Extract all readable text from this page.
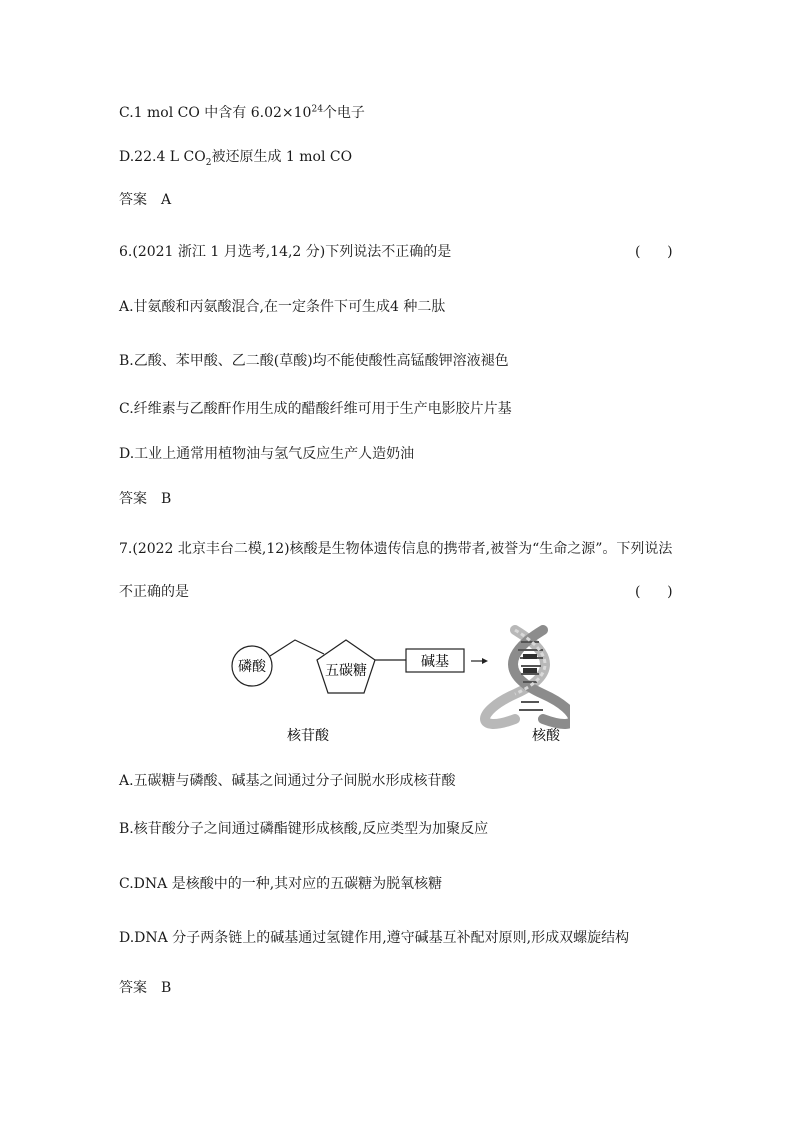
C.1 mol CO 中含有 $6.02\times 10^{24}$个电子
D.22.4 L $CO_2$被还原生成 1 mol CO
答案 A
6.(2021 浙江 1 月选考,14,2 分)下列说法不正确的是	(      )
A.甘氨酸和丙氨酸混合,在一定条件下可生成4 种二肽
B.乙酸、苯甲酸、乙二酸(草酸)均不能使酸性高锰酸钾溶液褪色
C.纤维素与乙酸酐作用生成的醋酸纤维可用于生产电影胶片片基
D.工业上通常用植物油与氢气反应生产人造奶油
答案 B
7.(2022 北京丰台二模,12)核酸是生物体遗传信息的携带者,被誉为“生命之源”。下列说法
不正确的是	(      )
磷酸	五碳糖
碱基
核苷酸	核酸
A.五碳糖与磷酸、碱基之间通过分子间脱水形成核苷酸
B.核苷酸分子之间通过磷酯键形成核酸,反应类型为加聚反应
C.DNA 是核酸中的一种,其对应的五碳糖为脱氧核糖
D.DNA 分子两条链上的碱基通过氢键作用,遵守碱基互补配对原则,形成双螺旋结构
答案 B
